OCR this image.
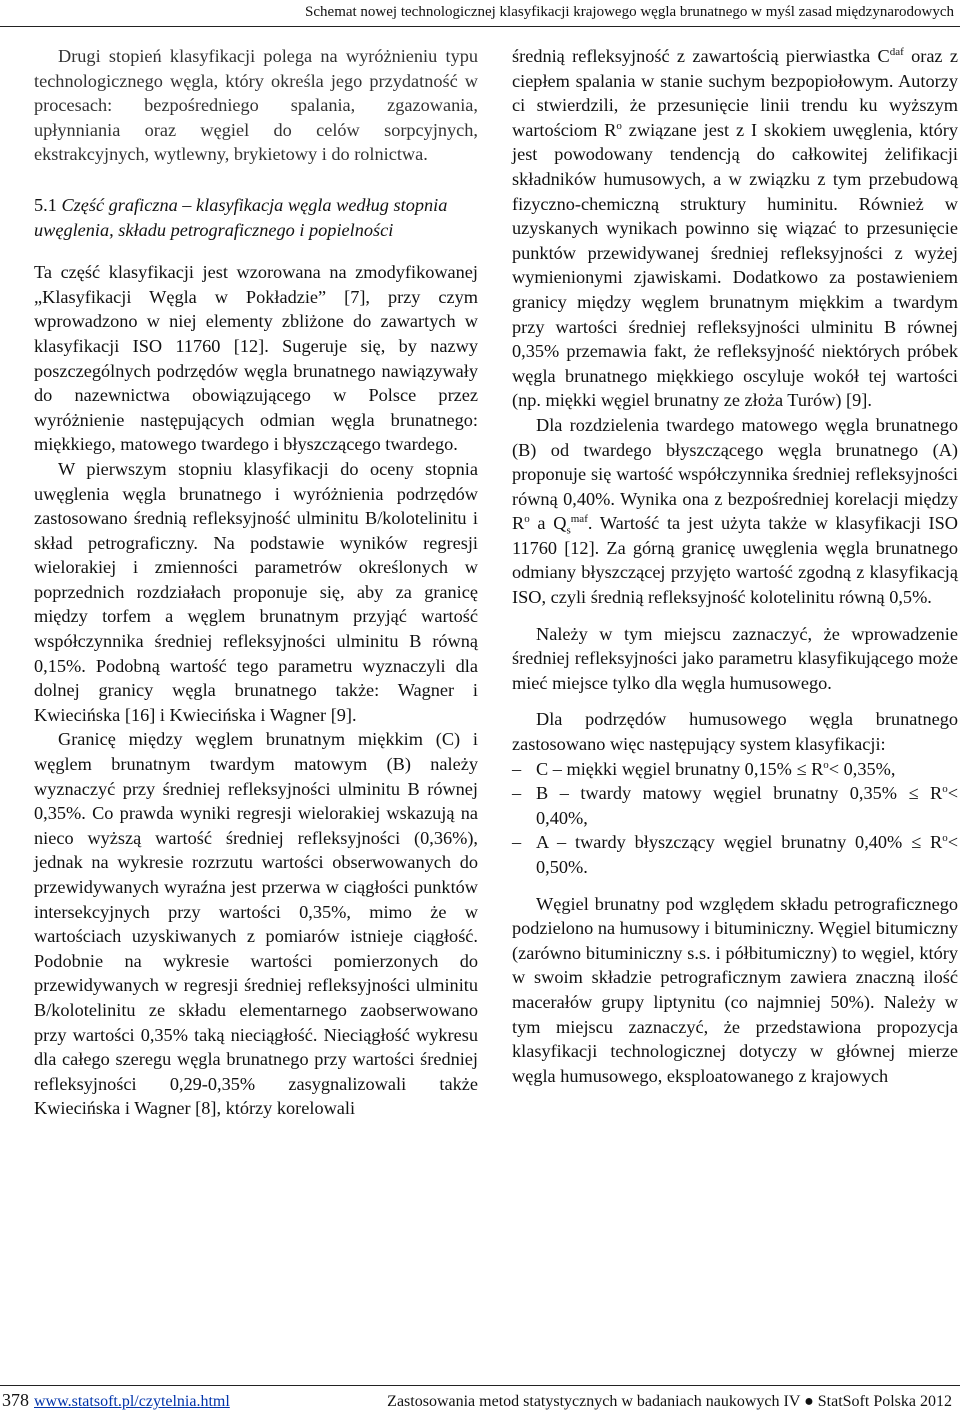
Schemat nowej technologicznej klasyfikacji krajowego węgla brunatnego w myśl zasad międzynarodowych

Drugi stopień klasyfikacji polega na wyróżnieniu typu technologicznego węgla, który określa jego przydatność w procesach: bezpośredniego spalania, zgazowania, upłynniania oraz węgiel do celów sorpcyjnych, ekstrakcyjnych, wytlewny, brykietowy i do rolnictwa.

5.1 Część graficzna – klasyfikacja węgla według stopnia uwęglenia, składu petrograficznego i popielności

Ta część klasyfikacji jest wzorowana na zmodyfikowanej „Klasyfikacji Węgla w Pokładzie” [7], przy czym wprowadzono w niej elementy zbliżone do zawartych w klasyfikacji ISO 11760 [12]. Sugeruje się, by nazwy poszczególnych podrzędów węgla brunatnego nawiązywały do nazewnictwa obowiązującego w Polsce przez wyróżnienie następujących odmian węgla brunatnego: miękkiego, matowego twardego i błyszczącego twardego.

W pierwszym stopniu klasyfikacji do oceny stopnia uwęglenia węgla brunatnego i wyróżnienia podrzędów zastosowano średnią refleksyjność ulminitu B/kolotelinitu i skład petrograficzny. Na podstawie wyników regresji wielorakiej i zmienności parametrów określonych w poprzednich rozdziałach proponuje się, aby za granicę między torfem a węglem brunatnym przyjąć wartość współczynnika średniej refleksyjności ulminitu B równą 0,15%. Podobną wartość tego parametru wyznaczyli dla dolnej granicy węgla brunatnego także: Wagner i Kwiecińska [16] i Kwiecińska i Wagner [9].

Granicę między węglem brunatnym miękkim (C) i węglem brunatnym twardym matowym (B) należy wyznaczyć przy średniej refleksyjności ulminitu B równej 0,35%. Co prawda wyniki regresji wielorakiej wskazują na nieco wyższą wartość średniej refleksyjności (0,36%), jednak na wykresie rozrzutu wartości obserwowanych do przewidywanych wyraźna jest przerwa w ciągłości punktów intersekcyjnych przy wartości 0,35%, mimo że w wartościach uzyskiwanych z pomiarów istnieje ciągłość. Podobnie na wykresie wartości pomierzonych do przewidywanych w regresji średniej refleksyjności ulminitu B/kolotelinitu ze składu elementarnego zaobserwowano przy wartości 0,35% taką nieciągłość. Nieciągłość wykresu dla całego szeregu węgla brunatnego przy wartości średniej refleksyjności 0,29-0,35% zasygnalizowali także Kwiecińska i Wagner [8], którzy korelowali

średnią refleksyjność z zawartością pierwiastka $C^{daf}$ oraz z ciepłem spalania w stanie suchym bezpopiołowym. Autorzy ci stwierdzili, że przesunięcie linii trendu ku wyższym wartościom $R^o$ związane jest z I skokiem uwęglenia, który jest powodowany tendencją do całkowitej żelifikacji składników humusowych, a w związku z tym przebudową fizyczno-chemiczną struktury huminitu. Również w uzyskanych wynikach powinno się wiązać to przesunięcie punktów przewidywanej średniej refleksyjności z wyżej wymienionymi zjawiskami. Dodatkowo za postawieniem granicy między węglem brunatnym miękkim a twardym przy wartości średniej refleksyjności ulminitu B równej 0,35% przemawia fakt, że refleksyjność niektórych próbek węgla brunatnego miękkiego oscyluje wokół tej wartości (np. miękki węgiel brunatny ze złoża Turów) [9].

Dla rozdzielenia twardego matowego węgla brunatnego (B) od twardego błyszczącego węgla brunatnego (A) proponuje się wartość współczynnika średniej refleksyjności równą 0,40%. Wynika ona z bezpośredniej korelacji między $R^o$ a $Q_s^{maf}$. Wartość ta jest użyta także w klasyfikacji ISO 11760 [12]. Za górną granicę uwęglenia węgla brunatnego odmiany błyszczącej przyjęto wartość zgodną z klasyfikacją ISO, czyli średnią refleksyjność kolotelinitu równą 0,5%.

Należy w tym miejscu zaznaczyć, że wprowadzenie średniej refleksyjności jako parametru klasyfikującego może mieć miejsce tylko dla węgla humusowego.

Dla podrzędów humusowego węgla brunatnego zastosowano więc następujący system klasyfikacji:

– C – miękki węgiel brunatny $0,15\% \le R^o< 0,35\%$,
– B – twardy matowy węgiel brunatny $0,35\% \le R^o< 0,40\%$,
– A – twardy błyszczący węgiel brunatny $0,40\% \le R^o< 0,50\%$.

Węgiel brunatny pod względem składu petrograficznego podzielono na humusowy i bituminiczny. Węgiel bitumiczny (zarówno bituminiczny s.s. i półbitumiczny) to węgiel, który w swoim składzie petrograficznym zawiera znaczną ilość macerałów grupy liptynitu (co najmniej 50%). Należy w tym miejscu zaznaczyć, że przedstawiona propozycja klasyfikacji technologicznej dotyczy w głównej mierze węgla humusowego, eksploatowanego z krajowych

378 www.statsoft.pl/czytelnia.html	Zastosowania metod statystycznych w badaniach naukowych IV ● StatSoft Polska 2012
